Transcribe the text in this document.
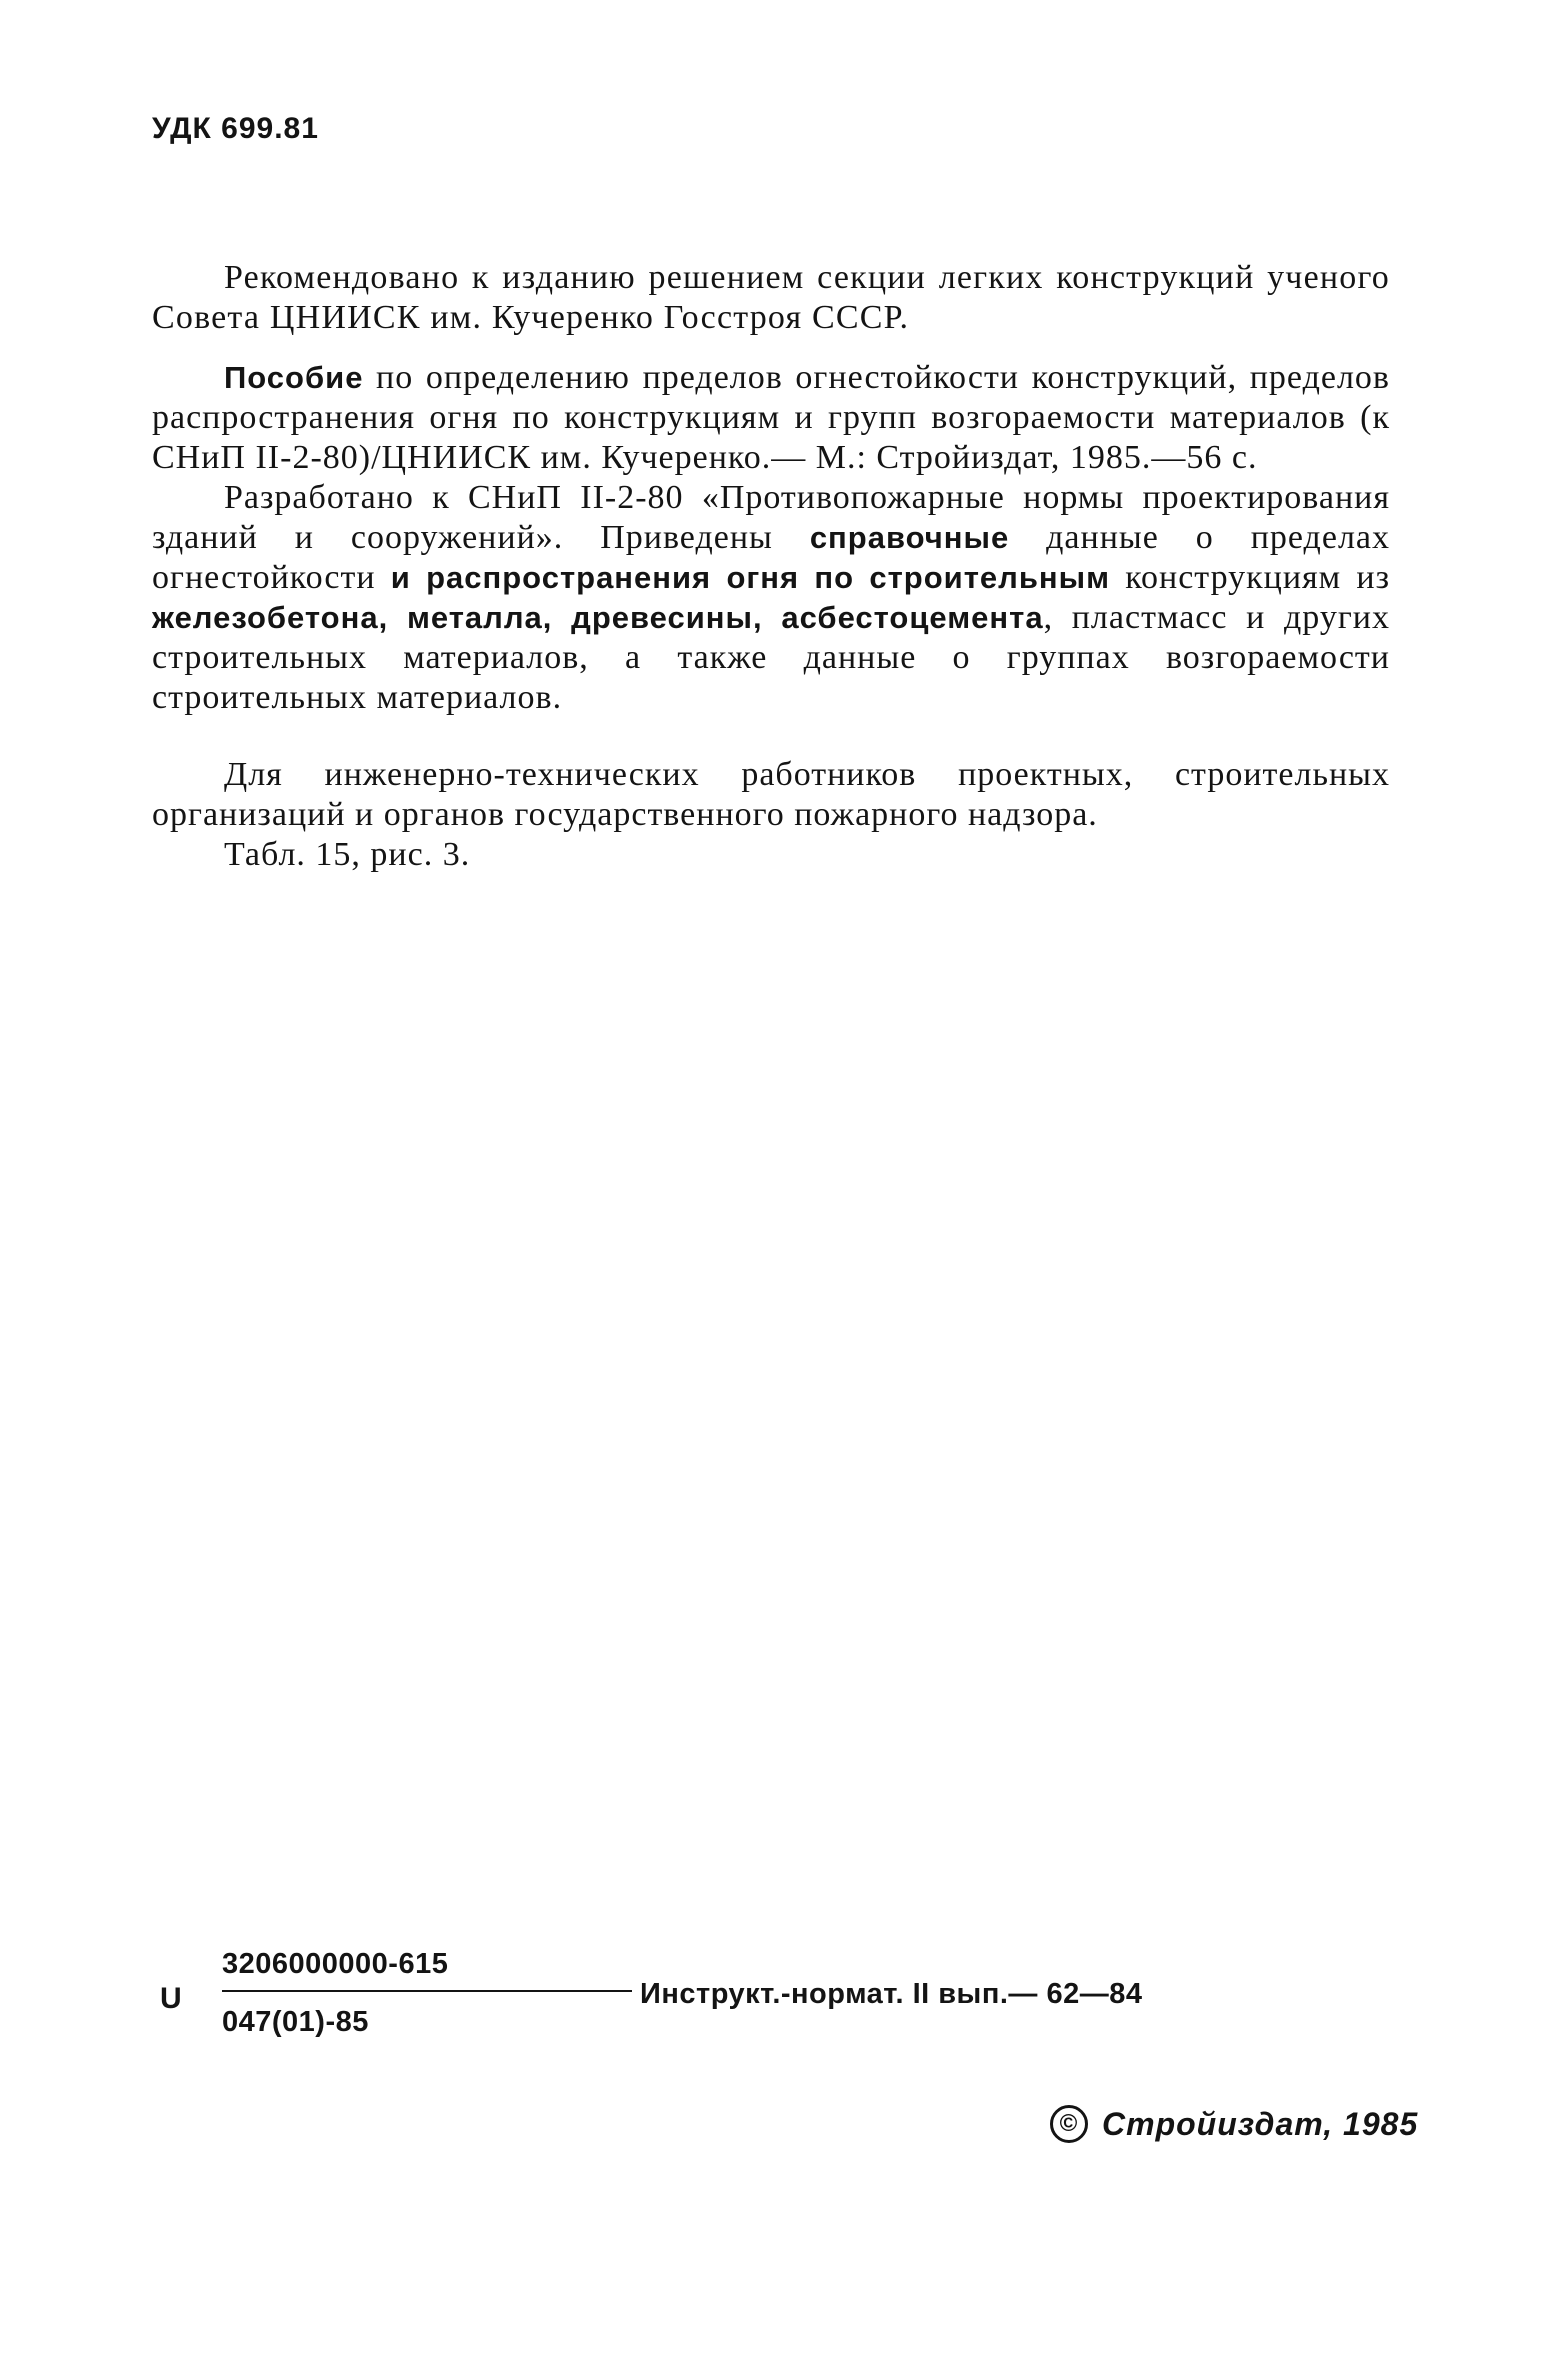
УДК 699.81

Рекомендовано к изданию решением секции легких конструкций ученого Совета ЦНИИСК им. Кучеренко Госстроя СССР.

Пособие по определению пределов огнестойкости конструкций, пределов распространения огня по конструкциям и групп возгораемости материалов (к СНиП II-2-80)/ЦНИИСК им. Кучеренко.— М.: Стройиздат, 1985.—56 с.

Разработано к СНиП II-2-80 «Противопожарные нормы проектирования зданий и сооружений». Приведены справочные данные о пределах огнестойкости и распространения огня по строительным конструкциям из железобетона, металла, древесины, асбестоцемента, пластмасс и других строительных материалов, а также данные о группах возгораемости строительных материалов.

Для инженерно-технических работников проектных, строительных организаций и органов государственного пожарного надзора.

Табл. 15, рис. 3.

U
3206000000-615
047(01)-85
Инструкт.-нормат. II вып.— 62—84
© Стройиздат, 1985
